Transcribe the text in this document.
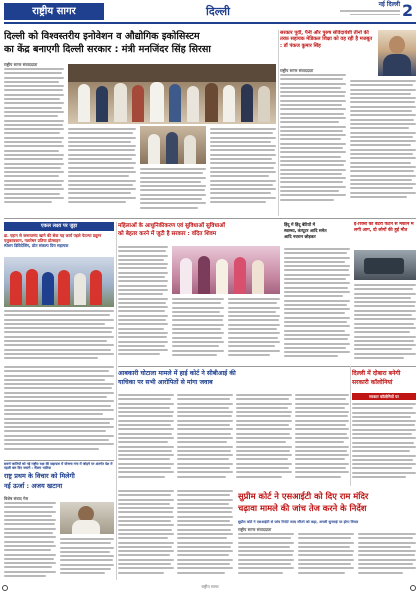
राष्ट्रीय सागर	दिल्ली
नई दिल्ली 2
दिल्ली को विश्वस्तरीय इनोवेशन व औद्योगिक इकोसिस्टम
का केंद्र बनाएगी दिल्ली सरकार : मंत्री मनजिंदर सिंह सिरसा
सरकार पूर्वी, पैनी और पुरुष संविदायेशी तीनों की तरफ़ सहायक मेडिकल शिक्षा को वह रही है मजबूत : डॉ पंकज कुमार सिंह
राष्ट्रीय सागर संवाददाता
राष्ट्रीय सागर संवाददाता
एकल लक्ष्य पर जुड़ा
डा. एहान से जरूरतमंद खाने की सेवा यह कार्य पहले पेटल्या प्रद्युम्न एलुकावकान, नलतेषन प्रतिया प्रोत्साहन
स्पेशन डिविदेजिंग, प्रोत संकल्प प्रिय सहायक
महिलाओं के आधुनिकीकरण एवं सुविधाओं सुविधाओं
को बेहतर करने में जुटी है सरकार : वंदित शिवम
हिंदू में हिंदू बेटियों में
स्वास्थ्य, कंप्यूटर आदि समेत
आदि नवरत्न छोड़कर
ई-रिक्शे की बैटरी फटने से मकान में
लगी आग, दो लोगों की हुई मौत
आबकारी घोटाला मामले में हाई कोर्ट ने सीबीआई की
याचिका पर सभी आरोपितों से मांगा जवाब
दिल्ली में दोबारा बनेगी
सरकारी कॉलोनियां
सरकार कॉलोनियों पर
सवर्ण जातियों को नई राष्ट्रीय रक्षा की सहायता में योजना गंगा में जोड़ने पर अंतर्गत देश में पहली बार दिए जाएंगे : नीलम भाटिया
राष्ट्र प्रथम के विचार को मिलेगी
नई ऊर्जा : अजय खटाना
विशेष संवाद गेस	सुप्रीम कोर्ट ने एसआईटी को दिए राम मंदिर
चढ़ावा मामले की जांच तेज करने के निर्देश
सुप्रीम कोर्ट ने एसआईटी से जांच रिपोर्ट जल्द सौंपने को कहा, अगली सुनवाई पर होगा विचार
राष्ट्रीय सागर संवाददाता
राष्ट्रीय सागर
